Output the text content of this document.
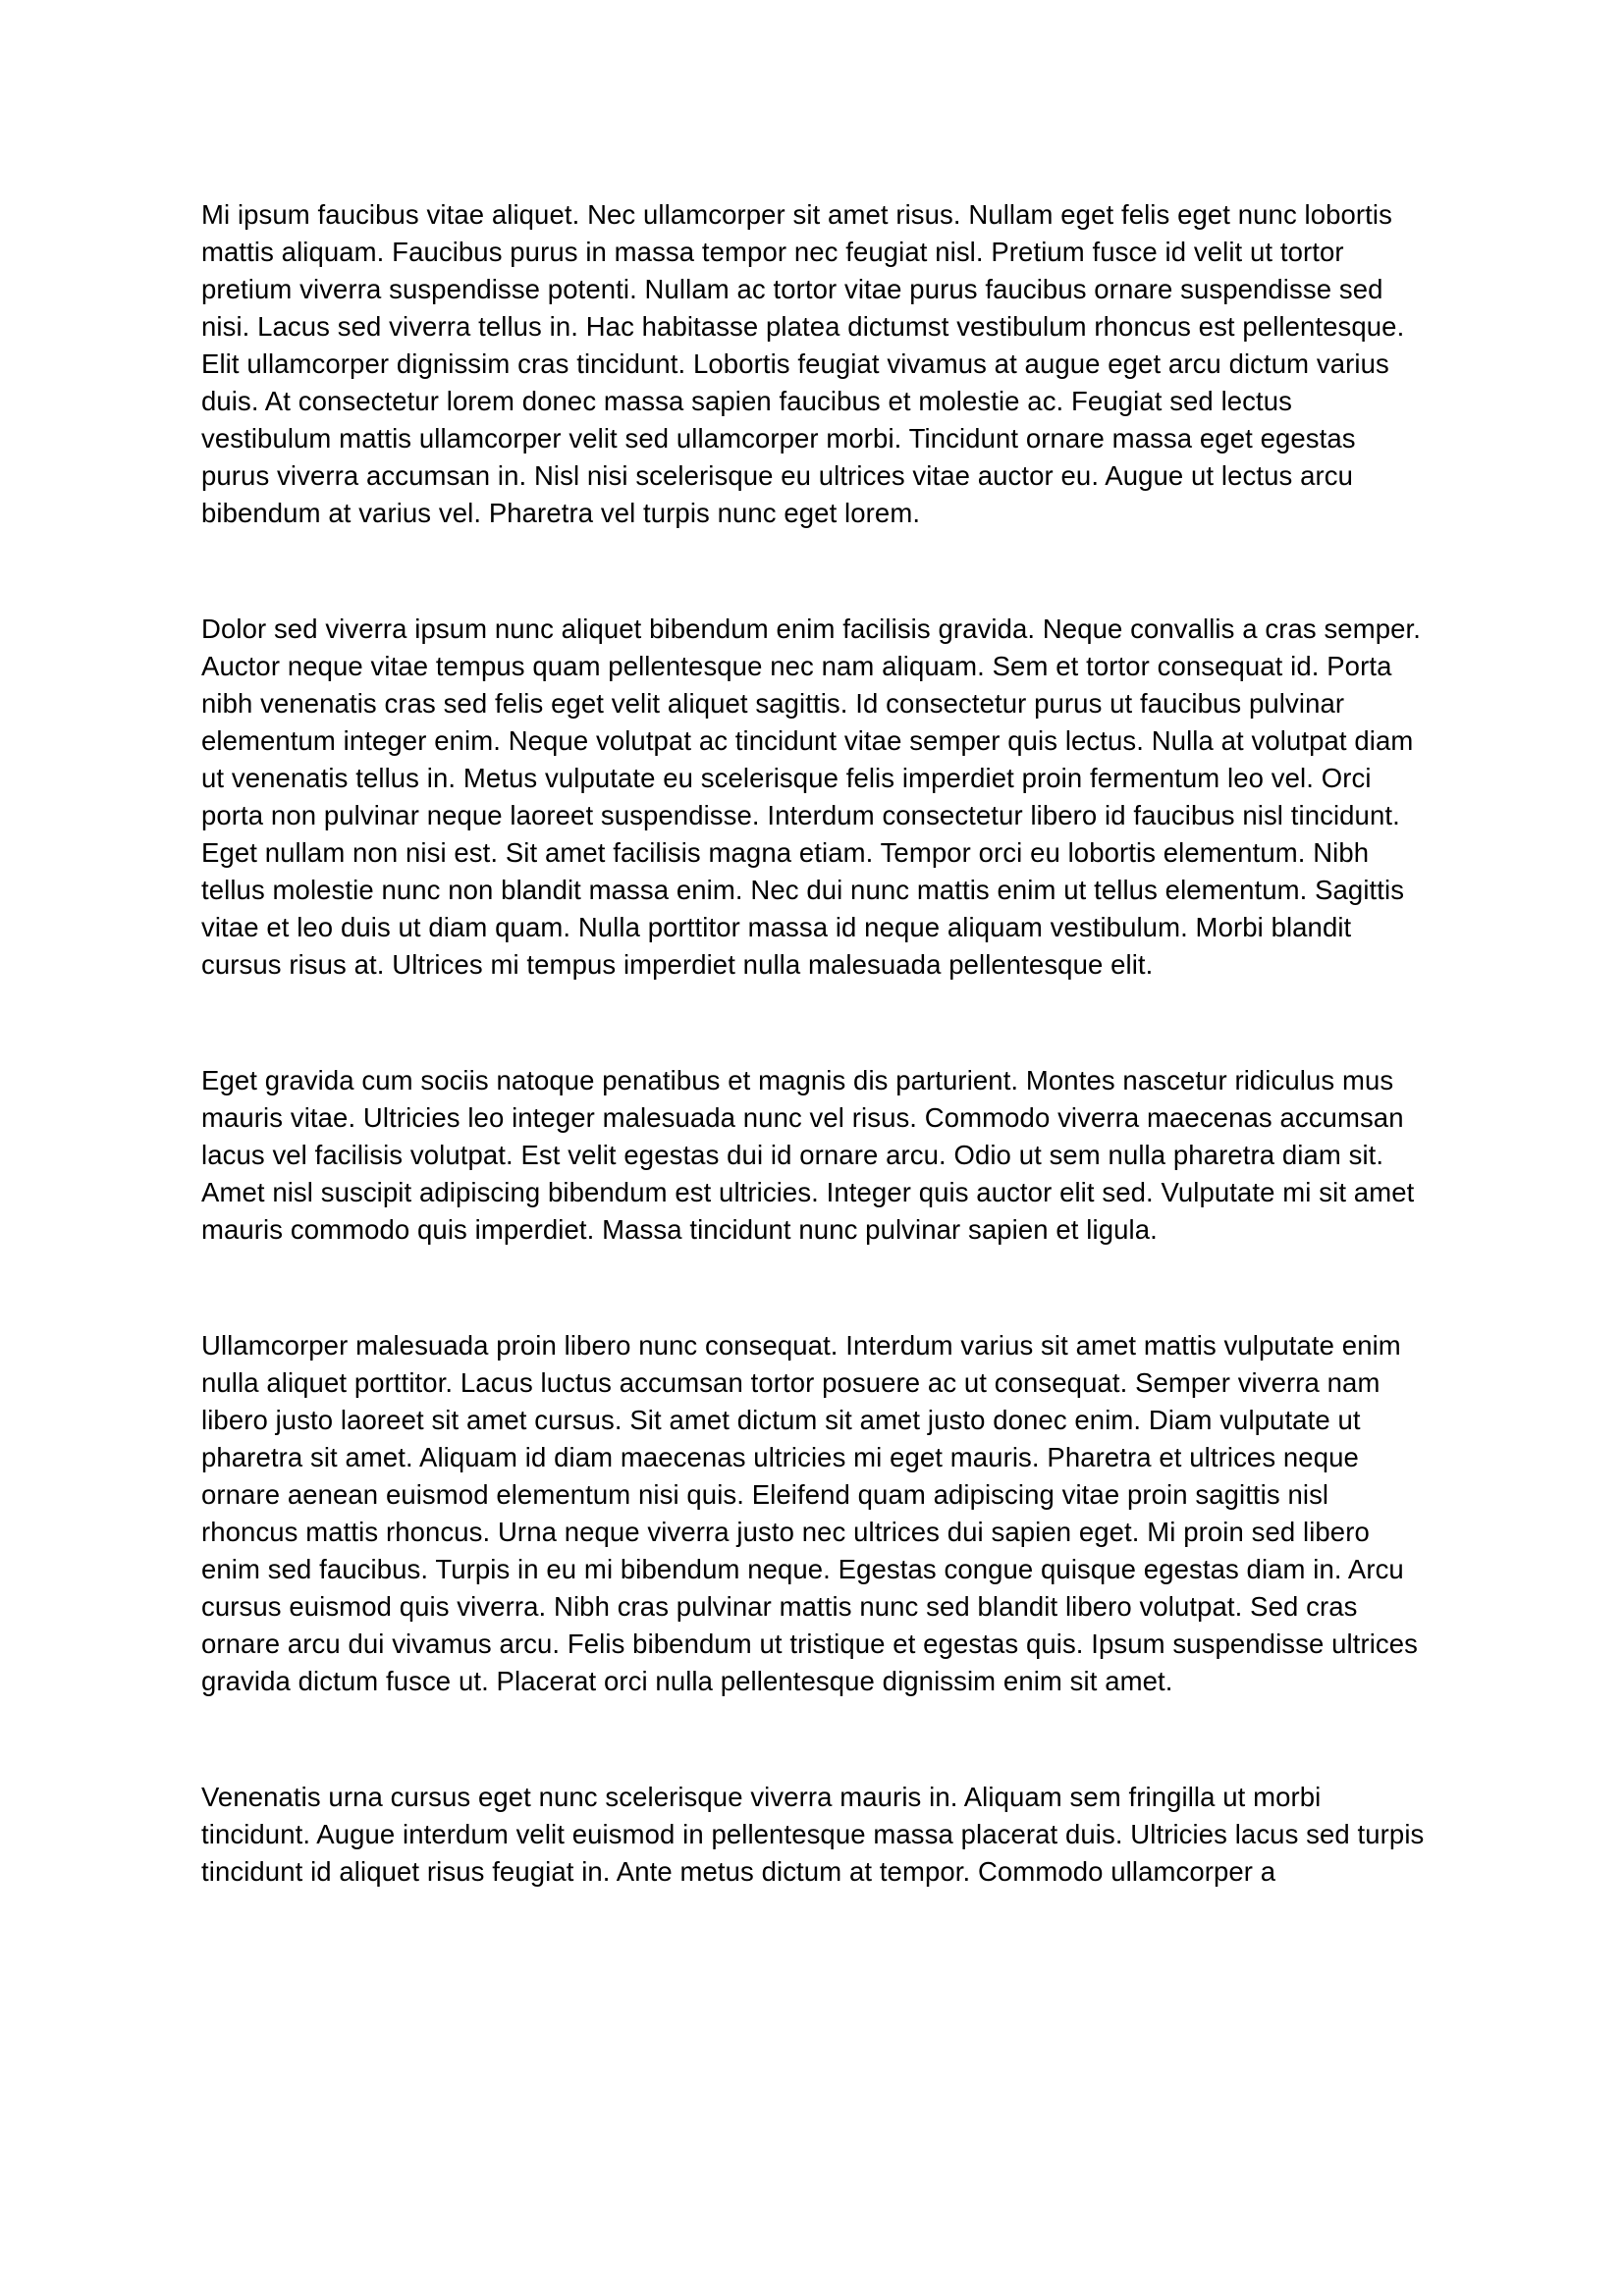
Mi ipsum faucibus vitae aliquet. Nec ullamcorper sit amet risus. Nullam eget felis eget nunc lobortis mattis aliquam. Faucibus purus in massa tempor nec feugiat nisl. Pretium fusce id velit ut tortor pretium viverra suspendisse potenti. Nullam ac tortor vitae purus faucibus ornare suspendisse sed nisi. Lacus sed viverra tellus in. Hac habitasse platea dictumst vestibulum rhoncus est pellentesque. Elit ullamcorper dignissim cras tincidunt. Lobortis feugiat vivamus at augue eget arcu dictum varius duis. At consectetur lorem donec massa sapien faucibus et molestie ac. Feugiat sed lectus vestibulum mattis ullamcorper velit sed ullamcorper morbi. Tincidunt ornare massa eget egestas purus viverra accumsan in. Nisl nisi scelerisque eu ultrices vitae auctor eu. Augue ut lectus arcu bibendum at varius vel. Pharetra vel turpis nunc eget lorem.

Dolor sed viverra ipsum nunc aliquet bibendum enim facilisis gravida. Neque convallis a cras semper. Auctor neque vitae tempus quam pellentesque nec nam aliquam. Sem et tortor consequat id. Porta nibh venenatis cras sed felis eget velit aliquet sagittis. Id consectetur purus ut faucibus pulvinar elementum integer enim. Neque volutpat ac tincidunt vitae semper quis lectus. Nulla at volutpat diam ut venenatis tellus in. Metus vulputate eu scelerisque felis imperdiet proin fermentum leo vel. Orci porta non pulvinar neque laoreet suspendisse. Interdum consectetur libero id faucibus nisl tincidunt. Eget nullam non nisi est. Sit amet facilisis magna etiam. Tempor orci eu lobortis elementum. Nibh tellus molestie nunc non blandit massa enim. Nec dui nunc mattis enim ut tellus elementum. Sagittis vitae et leo duis ut diam quam. Nulla porttitor massa id neque aliquam vestibulum. Morbi blandit cursus risus at. Ultrices mi tempus imperdiet nulla malesuada pellentesque elit.

Eget gravida cum sociis natoque penatibus et magnis dis parturient. Montes nascetur ridiculus mus mauris vitae. Ultricies leo integer malesuada nunc vel risus. Commodo viverra maecenas accumsan lacus vel facilisis volutpat. Est velit egestas dui id ornare arcu. Odio ut sem nulla pharetra diam sit. Amet nisl suscipit adipiscing bibendum est ultricies. Integer quis auctor elit sed. Vulputate mi sit amet mauris commodo quis imperdiet. Massa tincidunt nunc pulvinar sapien et ligula.

Ullamcorper malesuada proin libero nunc consequat. Interdum varius sit amet mattis vulputate enim nulla aliquet porttitor. Lacus luctus accumsan tortor posuere ac ut consequat. Semper viverra nam libero justo laoreet sit amet cursus. Sit amet dictum sit amet justo donec enim. Diam vulputate ut pharetra sit amet. Aliquam id diam maecenas ultricies mi eget mauris. Pharetra et ultrices neque ornare aenean euismod elementum nisi quis. Eleifend quam adipiscing vitae proin sagittis nisl rhoncus mattis rhoncus. Urna neque viverra justo nec ultrices dui sapien eget. Mi proin sed libero enim sed faucibus. Turpis in eu mi bibendum neque. Egestas congue quisque egestas diam in. Arcu cursus euismod quis viverra. Nibh cras pulvinar mattis nunc sed blandit libero volutpat. Sed cras ornare arcu dui vivamus arcu. Felis bibendum ut tristique et egestas quis. Ipsum suspendisse ultrices gravida dictum fusce ut. Placerat orci nulla pellentesque dignissim enim sit amet.

Venenatis urna cursus eget nunc scelerisque viverra mauris in. Aliquam sem fringilla ut morbi tincidunt. Augue interdum velit euismod in pellentesque massa placerat duis. Ultricies lacus sed turpis tincidunt id aliquet risus feugiat in. Ante metus dictum at tempor. Commodo ullamcorper a
